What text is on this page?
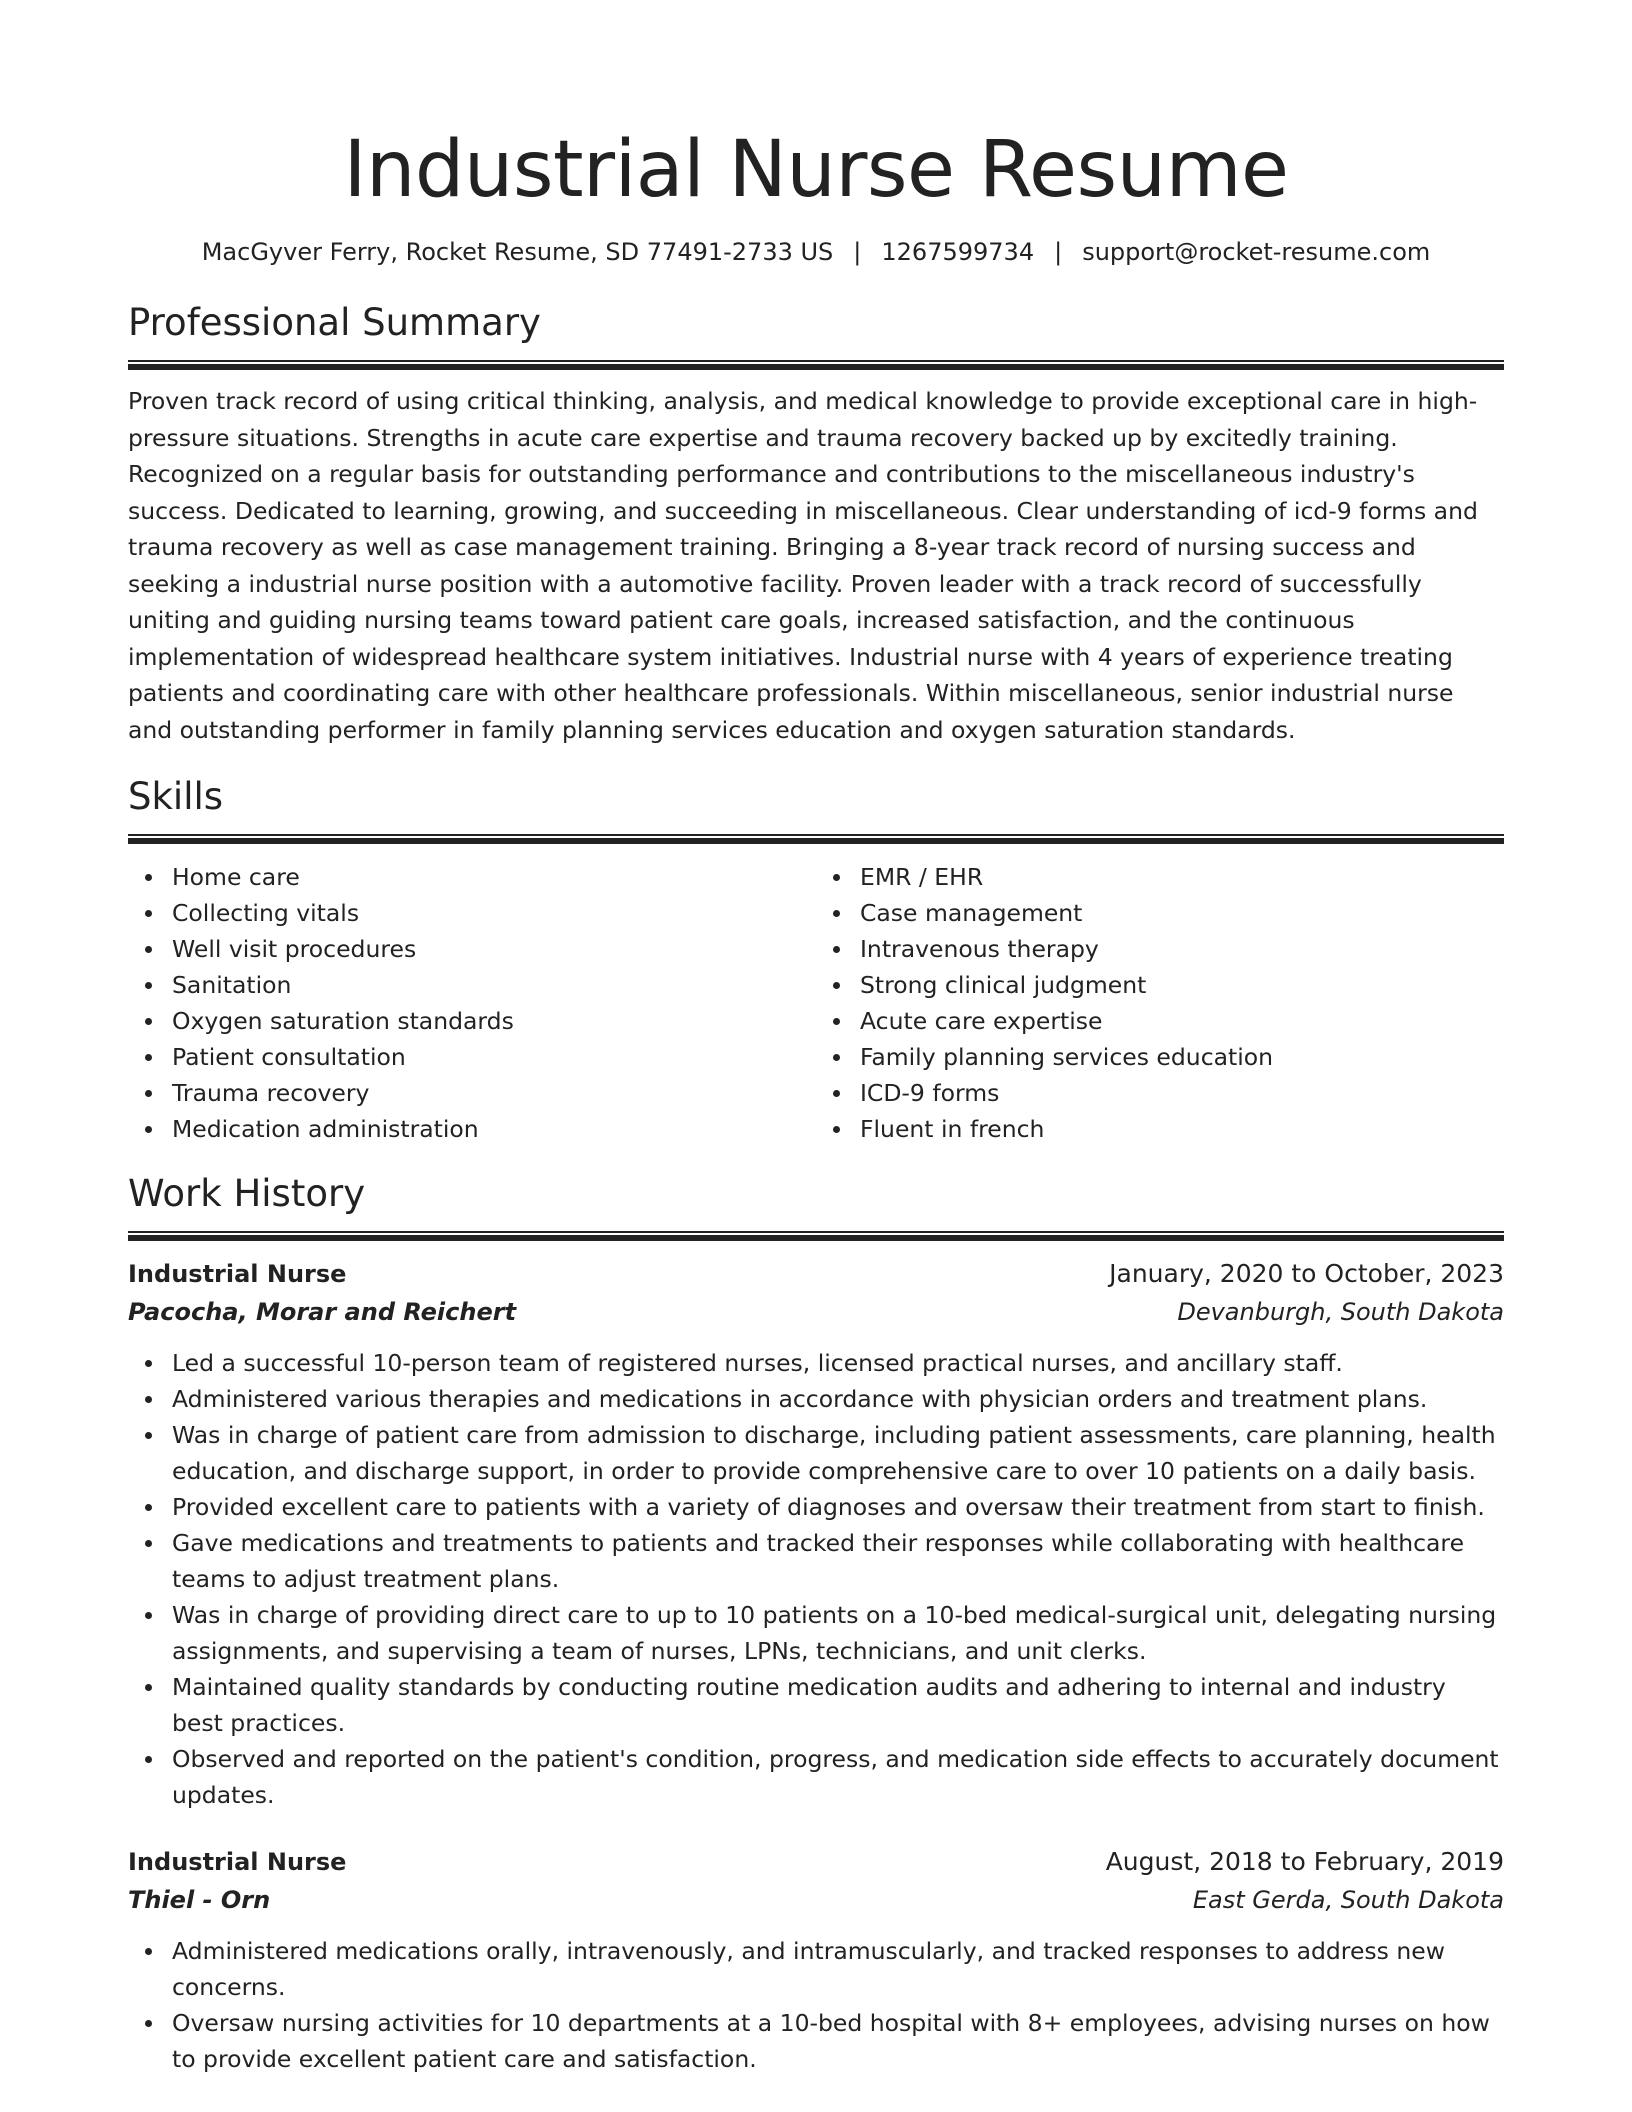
Industrial Nurse Resume
MacGyver Ferry, Rocket Resume, SD 77491-2733 US | 1267599734 | support@rocket-resume.com
Professional Summary

Proven track record of using critical thinking, analysis, and medical knowledge to provide exceptional care in high-pressure situations. Strengths in acute care expertise and trauma recovery backed up by excitedly training. Recognized on a regular basis for outstanding performance and contributions to the miscellaneous industry's success. Dedicated to learning, growing, and succeeding in miscellaneous. Clear understanding of icd-9 forms and trauma recovery as well as case management training. Bringing a 8-year track record of nursing success and seeking a industrial nurse position with a automotive facility. Proven leader with a track record of successfully uniting and guiding nursing teams toward patient care goals, increased satisfaction, and the continuous implementation of widespread healthcare system initiatives. Industrial nurse with 4 years of experience treating patients and coordinating care with other healthcare professionals. Within miscellaneous, senior industrial nurse and outstanding performer in family planning services education and oxygen saturation standards.

Skills
Home care
Collecting vitals
Well visit procedures
Sanitation
Oxygen saturation standards
Patient consultation
Trauma recovery
Medication administration
EMR / EHR
Case management
Intravenous therapy
Strong clinical judgment
Acute care expertise
Family planning services education
ICD-9 forms
Fluent in french
Work History
Industrial Nurse	January, 2020 to October, 2023
Pacocha, Morar and Reichert	Devanburgh, South Dakota
Led a successful 10-person team of registered nurses, licensed practical nurses, and ancillary staff.
Administered various therapies and medications in accordance with physician orders and treatment plans.
Was in charge of patient care from admission to discharge, including patient assessments, care planning, health education, and discharge support, in order to provide comprehensive care to over 10 patients on a daily basis.
Provided excellent care to patients with a variety of diagnoses and oversaw their treatment from start to finish.
Gave medications and treatments to patients and tracked their responses while collaborating with healthcare teams to adjust treatment plans.
Was in charge of providing direct care to up to 10 patients on a 10-bed medical-surgical unit, delegating nursing assignments, and supervising a team of nurses, LPNs, technicians, and unit clerks.
Maintained quality standards by conducting routine medication audits and adhering to internal and industry best practices.
Observed and reported on the patient's condition, progress, and medication side effects to accurately document updates.
Industrial Nurse	August, 2018 to February, 2019
Thiel - Orn	East Gerda, South Dakota
Administered medications orally, intravenously, and intramuscularly, and tracked responses to address new concerns.
Oversaw nursing activities for 10 departments at a 10-bed hospital with 8+ employees, advising nurses on how to provide excellent patient care and satisfaction.
